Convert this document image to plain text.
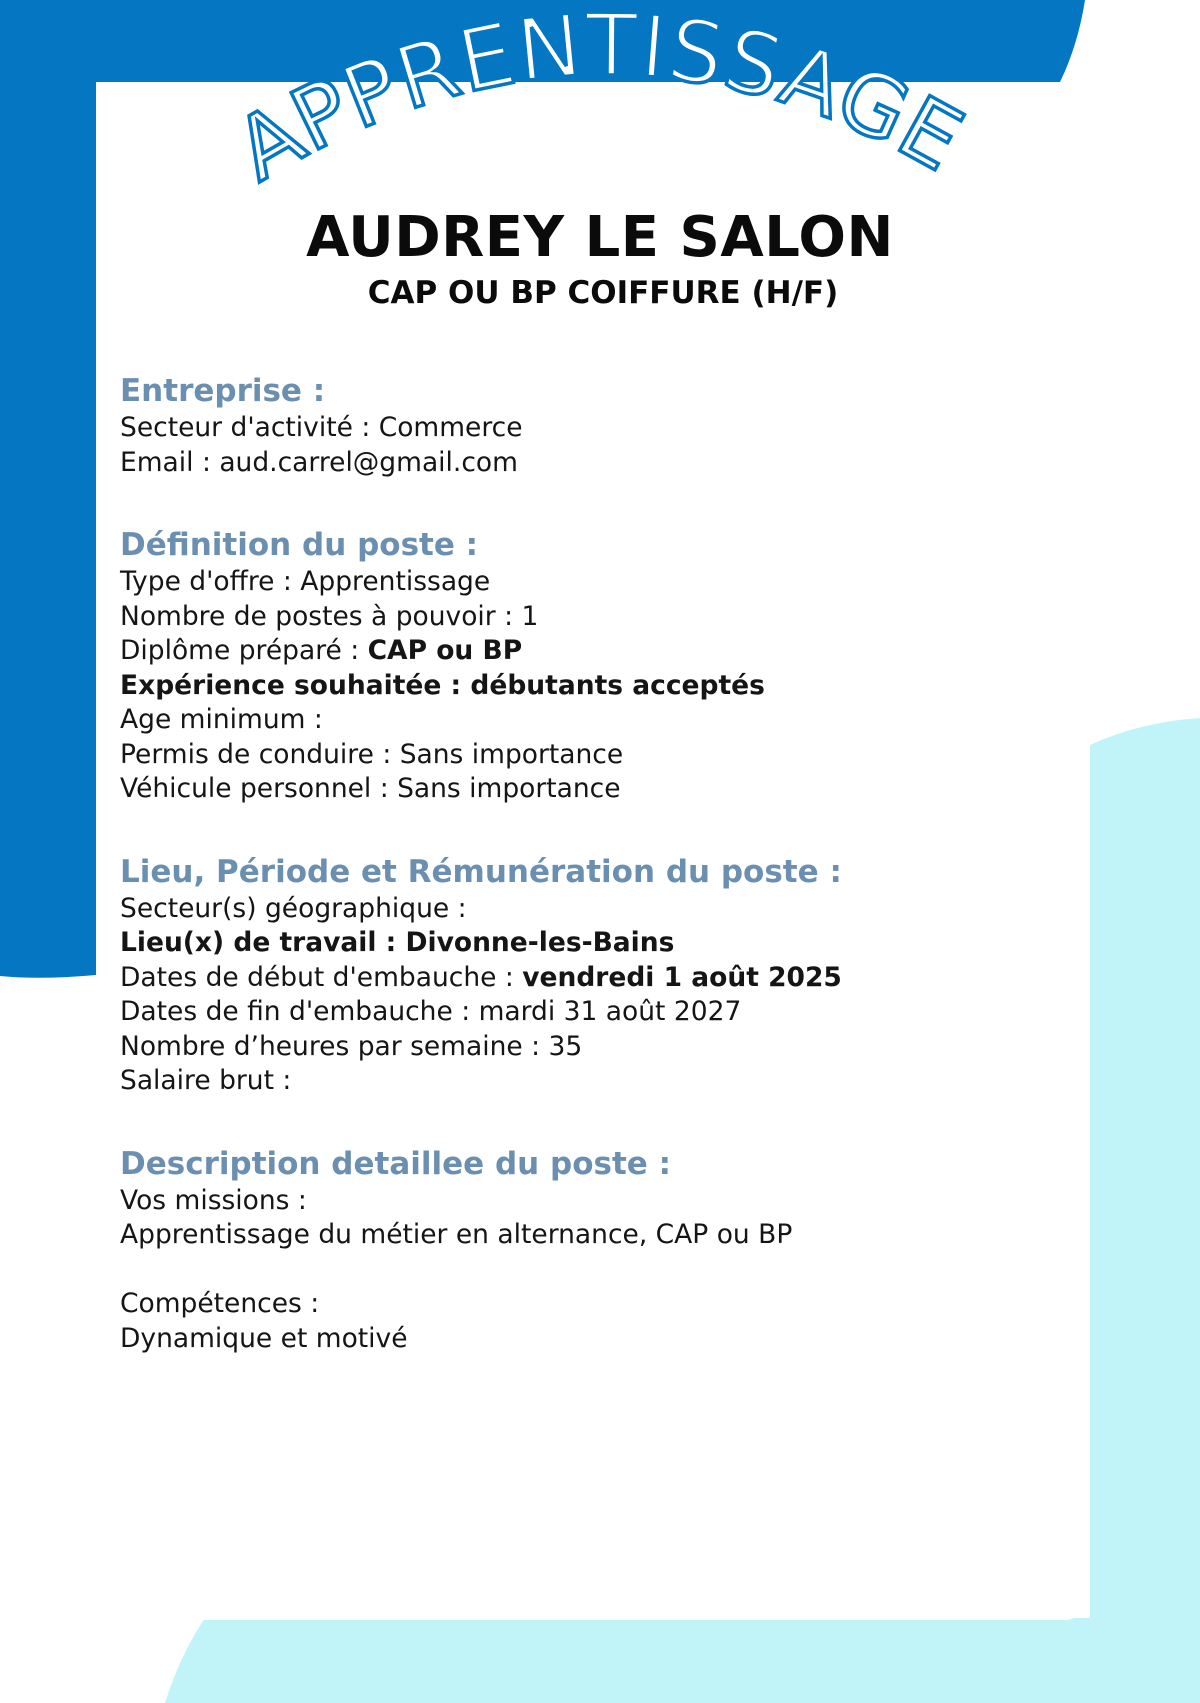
APPRENTISSAGE
AUDREY LE SALON
CAP OU BP COIFFURE (H/F)

Entreprise :

Secteur d'activité : Commerce

Email : aud.carrel@gmail.com

Définition du poste :

Type d'offre : Apprentissage

Nombre de postes à pouvoir : 1

Diplôme préparé : CAP ou BP

Expérience souhaitée : débutants acceptés

Age minimum :

Permis de conduire : Sans importance

Véhicule personnel : Sans importance

Lieu, Période et Rémunération du poste :

Secteur(s) géographique :

Lieu(x) de travail : Divonne-les-Bains

Dates de début d'embauche : vendredi 1 août 2025

Dates de fin d'embauche : mardi 31 août 2027

Nombre d’heures par semaine : 35

Salaire brut :

Description detaillee du poste :

Vos missions :

Apprentissage du métier en alternance, CAP ou BP

Compétences :

Dynamique et motivé
